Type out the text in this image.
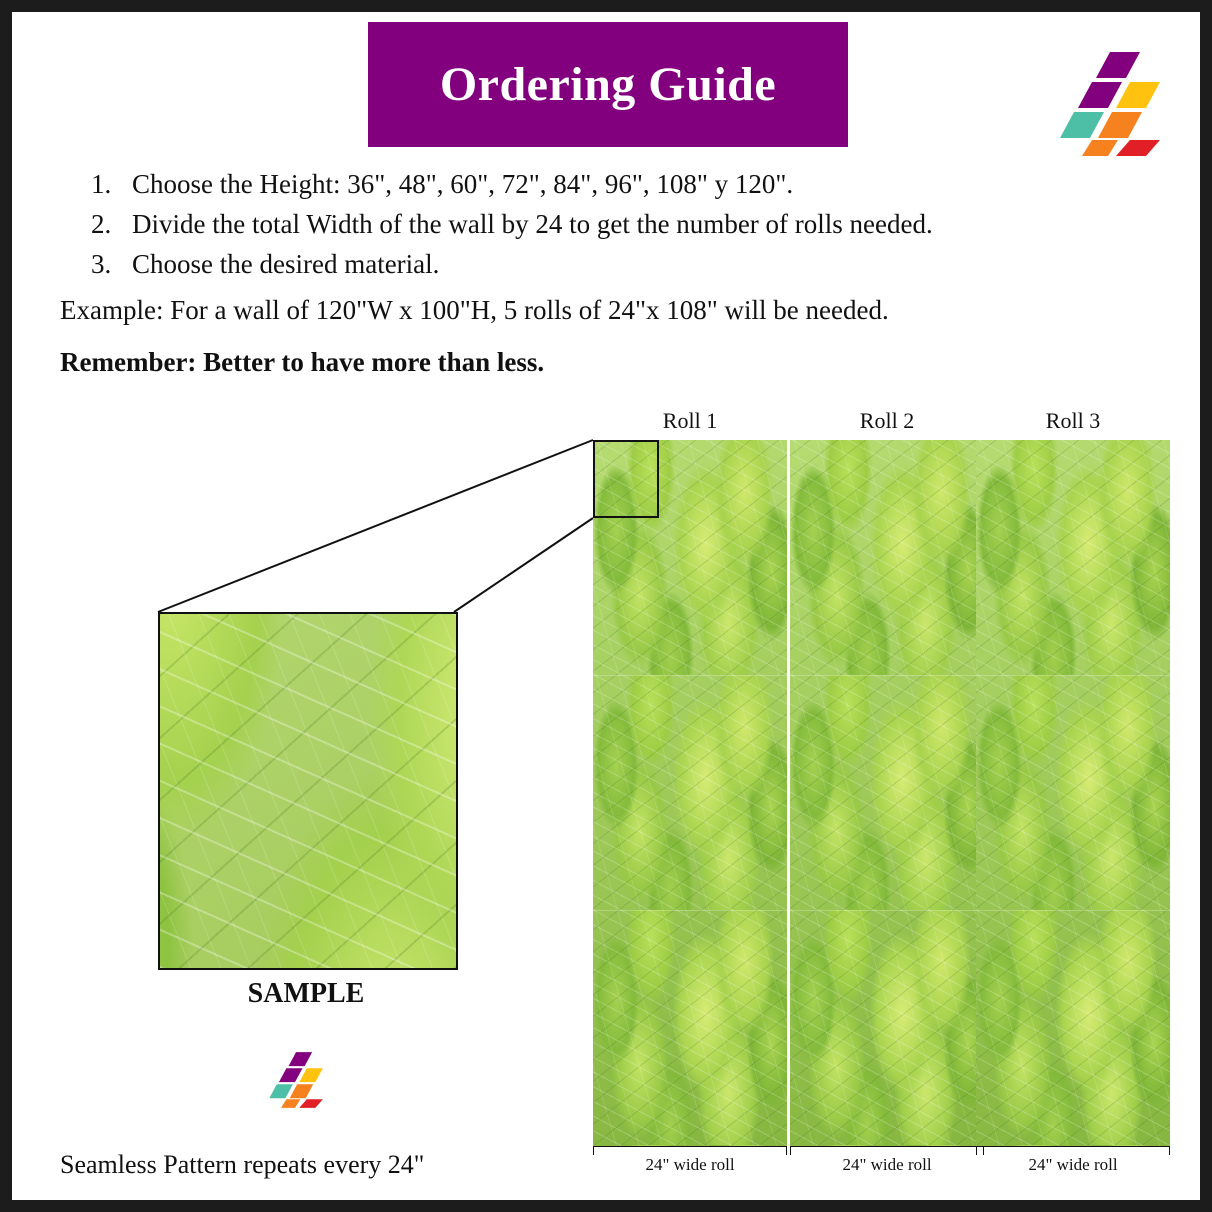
Ordering Guide
1. Choose the Height: 36", 48", 60", 72", 84", 96", 108" y 120".
2. Divide the total Width of the wall by 24 to get the number of rolls needed.
3. Choose the desired material.
Example: For a wall of 120"W x 100"H, 5 rolls of 24"x 108" will be needed.
Remember: Better to have more than less.
Roll 1
24" wide roll
Roll 2
24" wide roll
Roll 3
24" wide roll
SAMPLE
Seamless Pattern repeats every 24"
